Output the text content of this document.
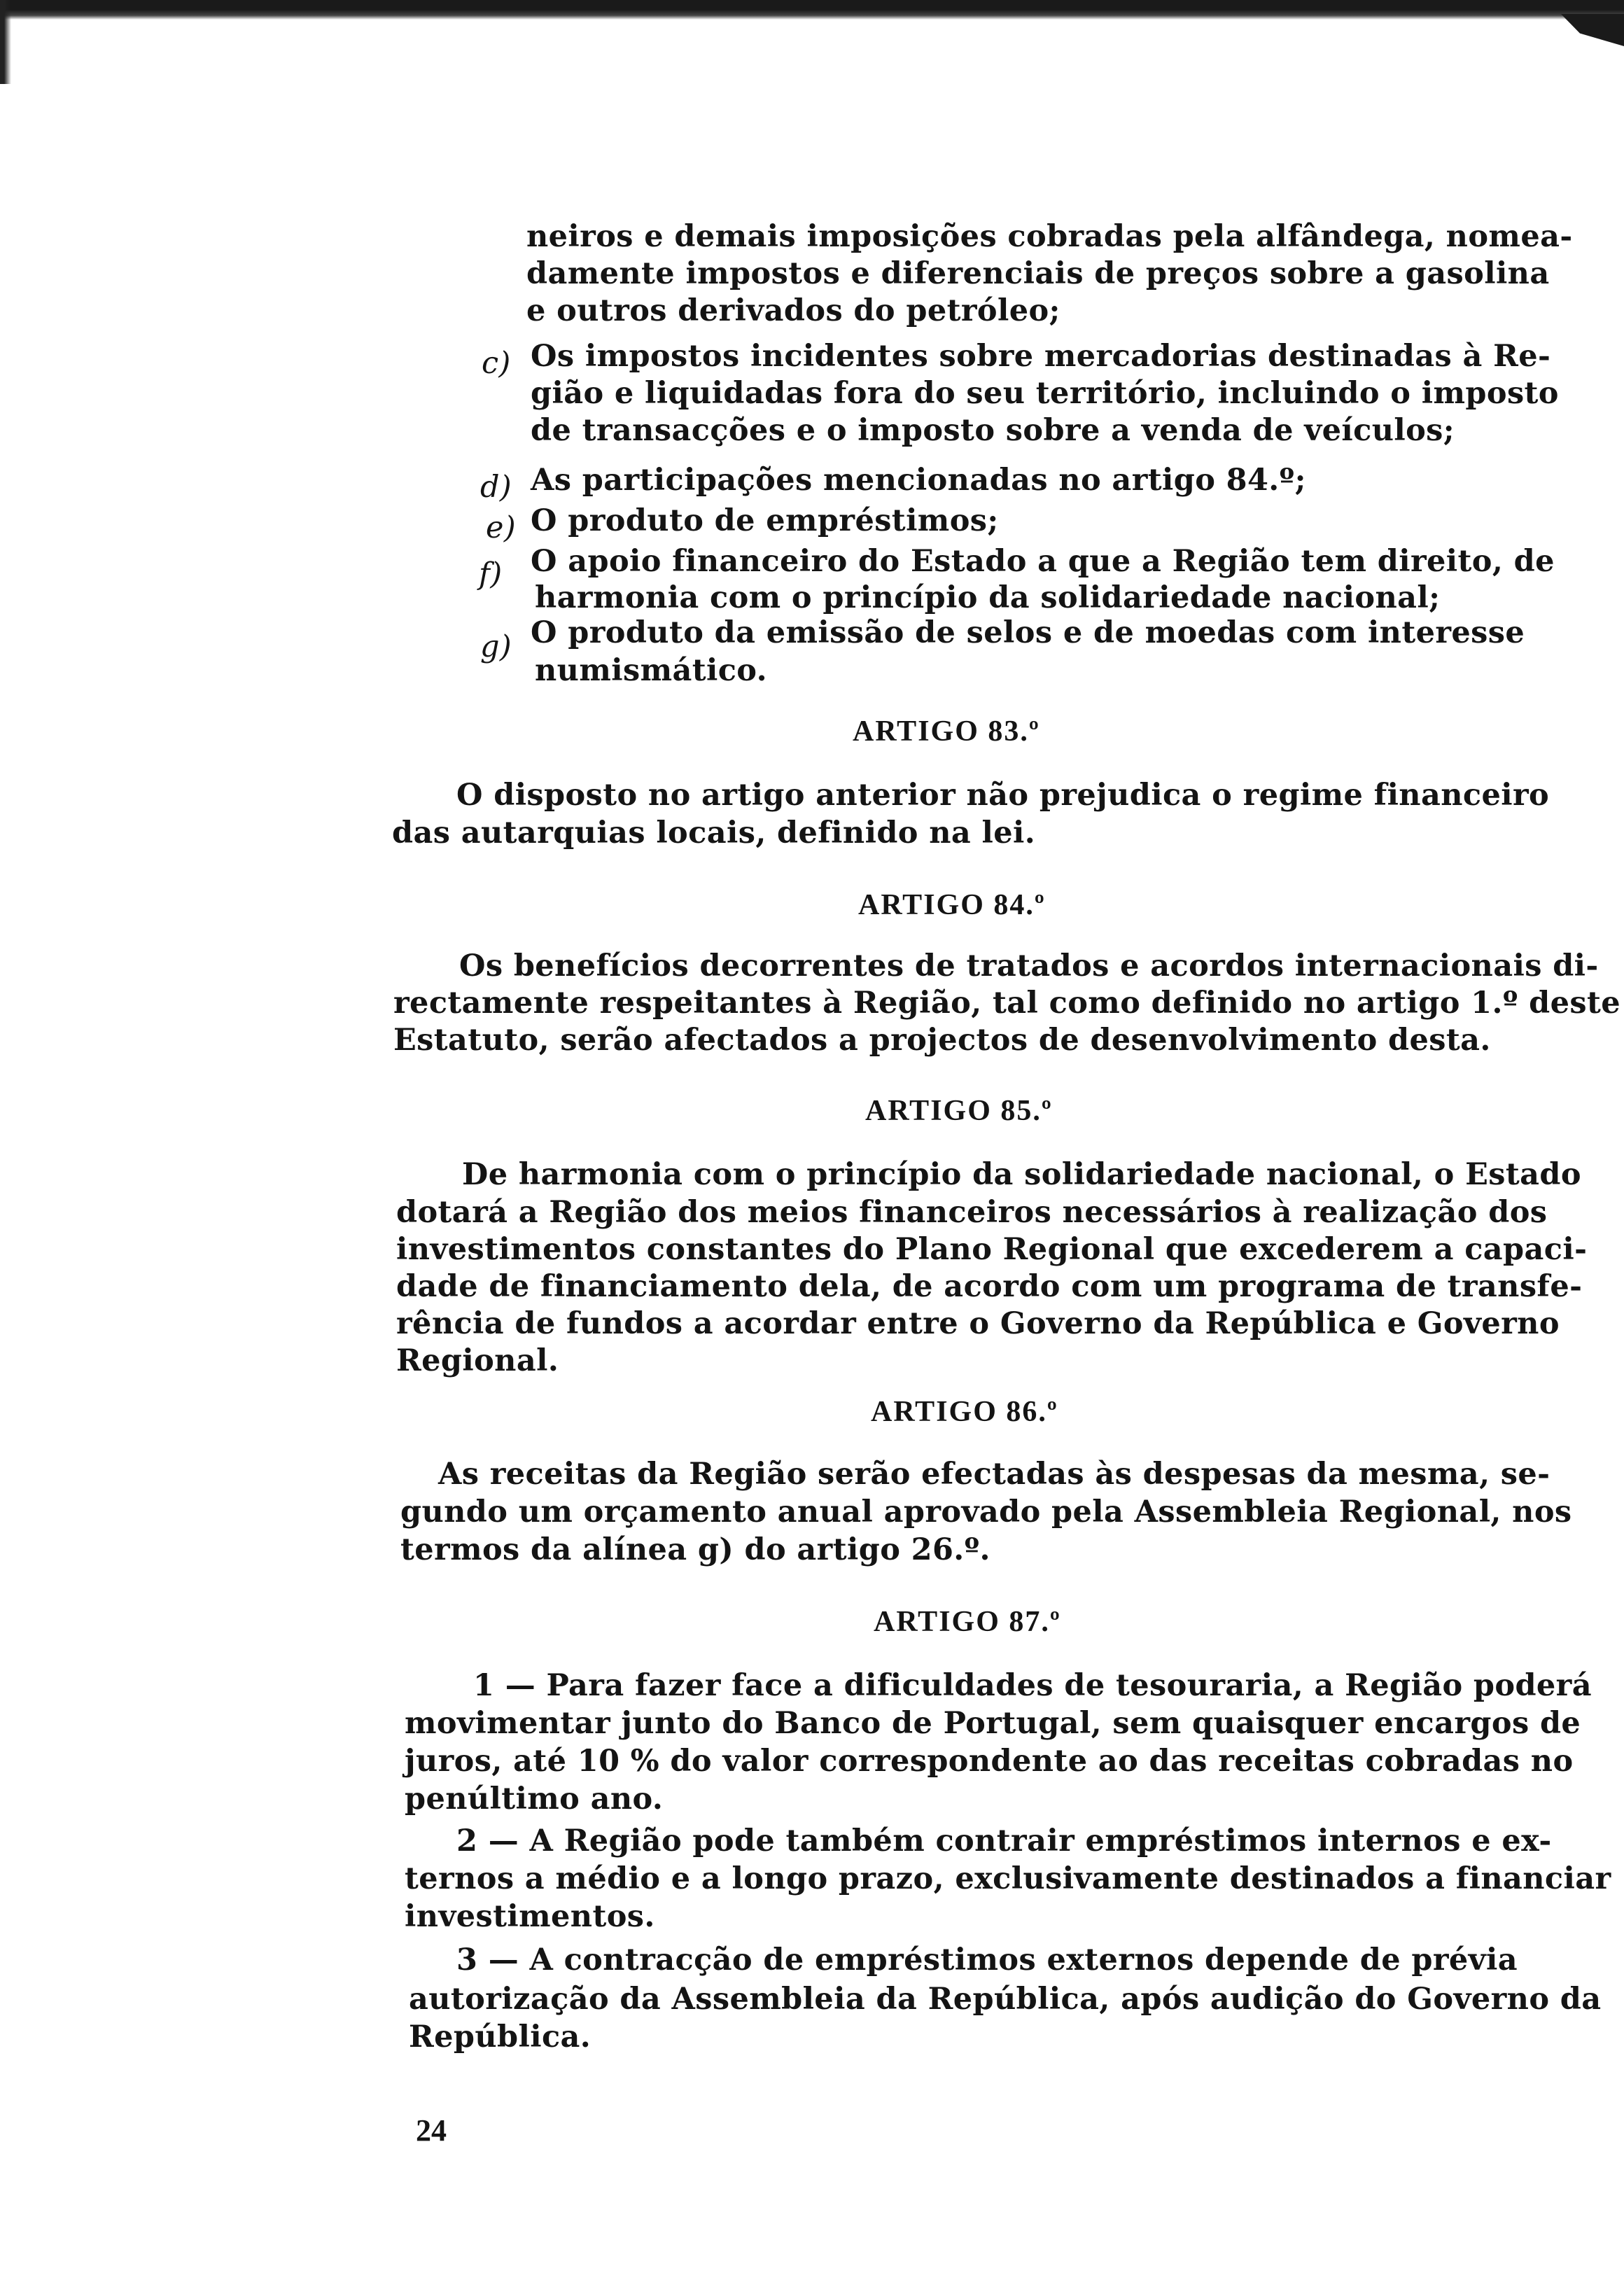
neiros e demais imposições cobradas pela alfândega, nomea-
damente impostos e diferenciais de preços sobre a gasolina
e outros derivados do petróleo;
c) Os impostos incidentes sobre mercadorias destinadas à Re-
gião e liquidadas fora do seu território, incluindo o imposto
de transacções e o imposto sobre a venda de veículos;
d) As participações mencionadas no artigo 84.º;
e) O produto de empréstimos;
f) O apoio financeiro do Estado a que a Região tem direito, de
harmonia com o princípio da solidariedade nacional;
g) O produto da emissão de selos e de moedas com interesse
numismático.
ARTIGO 83.º
O disposto no artigo anterior não prejudica o regime financeiro
das autarquias locais, definido na lei.
ARTIGO 84.º
Os benefícios decorrentes de tratados e acordos internacionais di-
rectamente respeitantes à Região, tal como definido no artigo 1.º deste
Estatuto, serão afectados a projectos de desenvolvimento desta.
ARTIGO 85.º
De harmonia com o princípio da solidariedade nacional, o Estado
dotará a Região dos meios financeiros necessários à realização dos
investimentos constantes do Plano Regional que excederem a capaci-
dade de financiamento dela, de acordo com um programa de transfe-
rência de fundos a acordar entre o Governo da República e Governo
Regional.
ARTIGO 86.º
As receitas da Região serão efectadas às despesas da mesma, se-
gundo um orçamento anual aprovado pela Assembleia Regional, nos
termos da alínea g) do artigo 26.º.
ARTIGO 87.º
1 — Para fazer face a dificuldades de tesouraria, a Região poderá
movimentar junto do Banco de Portugal, sem quaisquer encargos de
juros, até 10 % do valor correspondente ao das receitas cobradas no
penúltimo ano.
2 — A Região pode também contrair empréstimos internos e ex-
ternos a médio e a longo prazo, exclusivamente destinados a financiar
investimentos.
3 — A contracção de empréstimos externos depende de prévia
autorização da Assembleia da República, após audição do Governo da
República.
24
